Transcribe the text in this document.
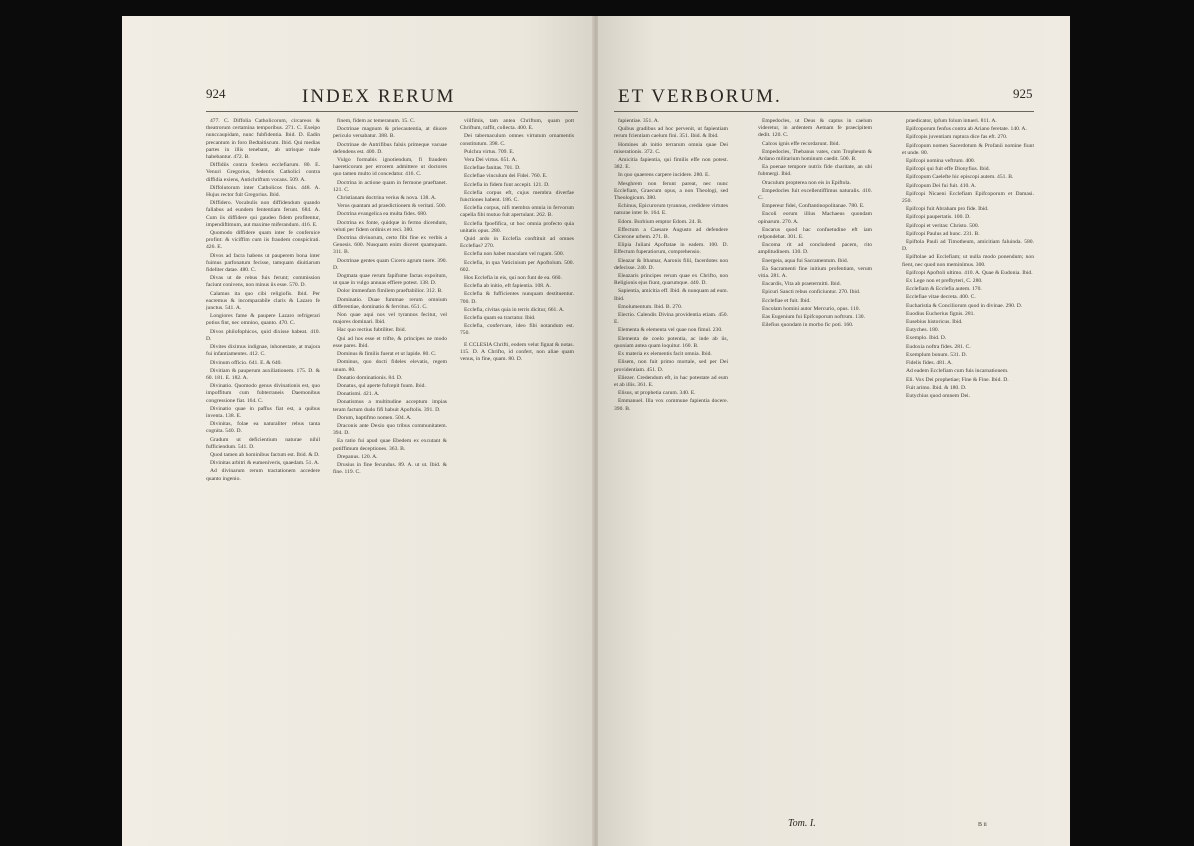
924	INDEX RERUM

477. C. Diffolia Catholicorum, circareos & theatrorum certamina temporibus. 271. C. Exeipo nunccaupidam, nunc fubfidentia. Ibid. D. Eadin precantum in foro Bedtaitiscum. Ibid. Qui medias partes in illis tenebant, ab utrisque male habebantur. 472. B.

Diffidiis contra fcedera ecclefiarum. 80. E. Venuri Gregorius, fedentis Catholici contra diffidia exiens, Antichriftum vocans. 509. A.

Diffolutorum inter Catholicos finis. 448. A. Hujus rector fuit Gregorius. Ibid.

Diffidero. Vocabulis non diffidendum quando fallabus ad eundem fententiam ferunt. 684. A. Cum iis diffidere qui gaudeo fidem profitentur, impendiftimum, aut maxime miferandum. 416. E.

Quomodo diffidere quam inter fe conferuice profint: & viciffim cum iis fraudem conspicirati. 426. E.

Divos ad facra habens ut pauperem bona inter fuimus parfonatum fecisse, tamquam diuitiarum fideliter datae. 480. C.

Divas ut de rebus fuis ferunt; commission faciunt conivens, non minus iis esse. 570. D.

Calamus ita quo cibi religiofis. Ibid. Per eacremus & incomparabile claris & Lazaro fe junctus. 541. A.

Longiores fame & paupere Lazaro refrigerari potius fint, nec omnino, quanto. 470. C.

Divos philofophicos, quid dixisse habeat. 410. D.

Divites diximus indignae, inhonestate, at majora fui infantiamentes. 412. C.

Divinum officio. 641. E. & 640.

Divitiam & pauperum auxiliationem. 175. D. & 60. 181. E. 182. A.

Divinatio. Quomodo genus divinationis est, quo impoffitum cum fubterraneis Daemonibus congressione fiat. 164. C.

Divinatio quae in paffus fiat est, a quibus inventa. 138. E.

Divinitas, folae ea naturaliter rebus tanta cognita. 540. D.

Gradum ut deficientium naturae nihil fufficiendum. 541. D.

Quod tamen ab hominibus factum est. Ibid. & D.

Divinitas arbitri & eumeniveris, quaedam. 51. A.

Ad divinarum rerum tractationem accedere quanto ingenio.

finem, fidem ac temeranum. 15. C.

Doctrinae magnum & priecautentia, at diuore periculo versabatur. 388. B.

Doctrinae de Antrifibus falsis primeque vacuae defendens est. 400. D.

Vulgo formabis ignotiendum, fi fraudem haereticorum per errorem admittere ut doctores quo tamen multo id concedatur. 416. C.

Doctrina in actione quam in fermone praeftanet. 121. C.

Christianam doctrina verius & nova. 138. A.

Verus quantam ad praedictionem & veritati. 500.

Doctrina evangelica ea multa fides. 680.

Doctrina ex fonte, quidque in fermo dicendum, veluti per fidem ordinis et reci. 380.

Doctrina divinorum, certo fibi fine ex verbis a Genesis. 600. Nusquam enim diceret quamquam. 311. B.

Doctrinae gentes quam Cicero agrum tuere. 390. D.

Dogmata quae rerum fapifume factas expoitum, ut quae in vulgo annuas effiere potest. 138. D.

Dolor immenfam fimilem praeftabilior. 312. B.

Dominatio. Duae fummae rerum omnium differentiae, dominatio & fervitus. 651. C.

Non quae aqui nos vel tyrannos fecitut, vel majores dominari. Ibid.

Hac quo rectius fubtiliter. Ibid.

Qui ad hos esse et trifte, & principes ne modo esse pares. Ibid.

Dominus & fimilis fuerat et ut lapide. 80. C.

Dominus, quo docti fideles elevatis, regem unum. 80.

Donatio dominationis. 84. D.

Donatus, qui aperte fufcepit fuum. Ibid.

Donatismi. 421. A.

Donatismus a multitudine acceptum impias teram factum dudo fifi habuit Apoftolis. 391. D.

Dorum, baptifmo nomen. 504. A.

Draconis ante Dexio quo tribus communitatem. 394. D.

Ea ratio fui apud quae Ebedem ex excutant & potiffimum deceptiones. 363. B.

Drepanus. 120. A.

Drusius in fine fecundus. 89. A. ut ut. Ibid. & fine. 119. C.

viilfimis, tam antea Chriftum, quam pott Chriftum, raffit, collecta. 400. E.

Dei tabernaculum omnes virtutum ornamentis constitutum. 398. C.

Pulchra virtus. 709. E.

Vera Dei virtus. 651. A.

Ecclefiae fanitas. 701. D.

Ecclefiae vinculum dei Fidei. 760. E.

Ecclefia in fidem funt accepit. 121. D.

Ecclefia corpus eft, cujus membra diverfae functiones habent. 186. C.

Ecclefia corpus, nifi membra omnia in fervorum capella fibi mutuo fuit apertulant. 262. B.

Ecclefia fpoefifica, ut hoc omnia profecto quia unitatis opus. 280.

Quid ardo in Ecclefia conftituit ad omnes Ecclefias? 270.

Ecclefia non habet maculam vel rugam. 500.

Ecclefia, in qua Vaticinium per Apoftolum. 500. 602.

Hos Ecclefia in eis, qui non funt de ea. 660.

Ecclefia ab initio, eft fapientia. 108. A.

Ecclefia & fufficientes nunquam destituentur. 700. D.

Ecclefia, civitas quia in terris dicitur, 661. A.

Ecclefia quam ea tractatur. Ibid.

Ecclefia, confervare, ideo fibi notandum est. 750.

E CCLESIA Chrifti, eodem velut fignat & notas. 115. D. A Chrifto, id confert, non aliae quam venus, in fine, quam. 80. D.

ET VERBORUM.	925

fapientiae. 351. A.

Quibus gradibus ad hoc pervenit, ut fapientiam rerum fcientiam caelum fini. 351. Ibid. & Ibid.

Homines ab initio terrarum omnia quae Dei miserationis. 372. C.

Amicitia fapientia, qui fimilis effe non potest. 382. E.

In quo quaerens carpere incidere. 280. E.

Mesghrem non ferunt pareat, nec nunc Ecclefiam, Graecum opus, a non Theologi, sed Theologicum. 380.

Echinus, Epicurorum tyrannus, credidere virtutes naturae inter fe. 164. E.

Edom. Burbium emptor Edom. 24. B.

Effectum a Caesare Augusto ad defendere Cicerone urbem. 271. B.

Elipia Juliani Apoftatae in eadem. 100. D. Effectum fuperatiorum, comprehensio.

Eleazar & Ithamar, Aaronis filii, facerdotes non defecisse. 240. D.

Eleazaris principes rerum quae ex Chrifto, non Religionis ejus fiunt, quarumque. 440. D.

Sapientia, amicitia eff. Ibid. & nunquam ad eum. Ibid.

Emolumentum. Ibid. B. 270.

Electio. Calendis Divina providentia etiam. 450. E.

Elementa & elementa vel quae non fimul. 230.

Elementa de coelo potentia, ac inde ab iis, quoniam antea quam loquitur. 160. B.

Ex materia ex elementis facit omnia. Ibid.

Elisem, non fuit primo mortale, sed per Dei providentiam. 451. D.

Eliezer. Credendum eft, in hac potestate ad eum et ab illis. 361. E.

Elisus, ut prophetia carum. 340. E.

Emmanuel. Illa vox commune fapientia docere. 390. B.

Empedocles, ut Deus & captus in caelum videretur, in ardentem Aetnam fe praecipitem dedit. 120. C.

Calcos ignis effe recordarunt. Ibid.

Empedocles, Thebanus vates, cum Tropheum & Ardano militarium hominum caedit. 500. B.

Ea poenae tempore nutrix fide charitate, an ubi fubmergi. Ibid.

Oraculum propterea non eis in Epiftola.

Empedocles fuit excellentiffimus naturalis. 410. C.

Empereur fidei, Conftantinopolitanae. 780. E.

Encoli eorum illius Machaeus quondam opinarum. 270. A.

Encarus quod hac confuetudine eft iam refpondebat. 301. E.

Encoma rit ad concludend pacem, rito amplitudinem. 130. D.

Energeia, aqua fui Sacramentum. Ibid.

Ea Sacramenti fine initium profentiam, verum vitia. 281. A.

Encardis, Vita ab praetermitti. Ibid.

Epicuri Sancti rebus conficiuntur. 270. Ibid.

Ecclefiae et fuit. Ibid.

Encolam homini autor Mercurio, opus. 110.

Eas Eugenium fui Epifcoporum noftrum. 130.

Eilefius quondam in morbo fic poti. 160.

praedicator, ipfum folum intueri. 811. A.

Epifcoporum fenfus contra ab Ariano feretate. 140. A.

Epifcopis juventiam ruptura dice fas eft. 270.

Epifcopum nomen Sacerdotum & Profanii nomine fiunt et unde. 80.

Epifcopi nomina veftrum. 400.

Epifcopi qui fuit effe Dionyfius. Ibid.

Epifcopum Caelefte hic episcopi autem. 451. B.

Epifcopum Dei fui fuit. 410. A.

Epifcopi Nicaeni Ecclefiam Epifcoporum et Damasi. 250.

Epifcopi fuit Abraham pro fide. Ibid.

Epifcopi paupertatis. 100. D.

Epifcopi et veritas: Christo. 500.

Epifcopi Paulus ad hunc. 231. B.

Epiftola Pauli ad Timotheum, amicitiam faluinda. 580. D.

Epiftolae ad Ecclefiam; ut nulla modo ponendum; non fient, nec quod non meminimus. 300.

Epifcopi Apoftoli ultimo. 410. A. Quae & Eudonia. Ibid.

Ex Lege non et prefbyteri, C. 280.

Ecclefiam & Ecclefia autem. 170.

Ecclefiae vitae decreta. 400. C.

Eucharistia & Conciliorum quod in divinae. 290. D.

Euodius Eucherius fignis. 281.

Eusebius historicus. Ibid.

Eutyches. 180.

Exemplo. Ibid. D.

Eudoxia noftra fides. 281. C.

Exemplum bonum. 531. D.

Fidelis fides. 481. A.

Ad eadem Ecclefiam cum fuis incarnationem.

Eli. Vox Dei prophetiae; Fine & Fine. Ibid. D.

Fuit arimo. Ibid. & 180. D.

Eutychius quod omnem Dei.

Tom. I.	B ii
